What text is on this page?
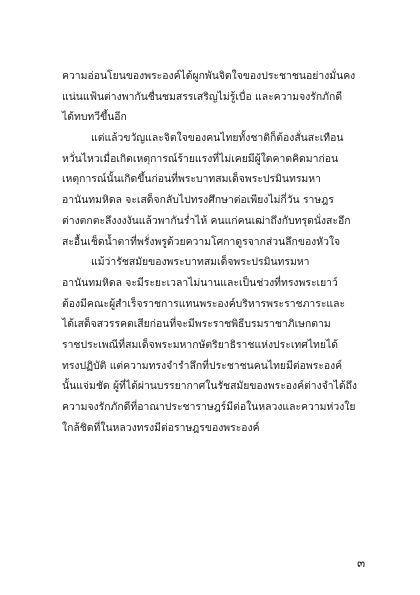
ความอ่อนโยนของพระองค์ได้ผูกพันจิตใจของประชาชนอย่างมั่นคง
แน่นแฟ้นต่างพากันชื่นชมสรรเสริญไม่รู้เบื่อ และความจงรักภักดี
ได้ทบทวีขึ้นอีก
แต่แล้วขวัญและจิตใจของคนไทยทั้งชาติก็ต้องสั่นสะเทือน
หวั่นไหวเมื่อเกิดเหตุการณ์ร้ายแรงที่ไม่เคยมีผู้ใดคาดคิดมาก่อน
เหตุการณ์นั้นเกิดขึ้นก่อนที่พระบาทสมเด็จพระปรมินทรมหา
อานันทมหิดล จะเสด็จกลับไปทรงศึกษาต่อเพียงไม่กี่วัน ราษฎร
ต่างตกตะลึงงงงันแล้วพากันร่ำไห้ คนแก่คนเฒ่าถึงกับทรุดนั่งสะอึก
สะอื้นเช็ดน้ำตาที่พรั่งพรูด้วยความโศกาดูรจากส่วนลึกของหัวใจ
แม้ว่ารัชสมัยของพระบาทสมเด็จพระปรมินทรมหา
อานันทมหิดล จะมีระยะเวลาไม่นานและเป็นช่วงที่ทรงพระเยาว์
ต้องมีคณะผู้สำเร็จราชการแทนพระองค์บริหารพระราชภาระและ
ได้เสด็จสวรรคตเสียก่อนที่จะมีพระราชพิธีบรมราชาภิเษกตาม
ราชประเพณีที่สมเด็จพระมหากษัตริยาธิราชแห่งประเทศไทยได้
ทรงปฏิบัติ แต่ความทรงจำรำลึกที่ประชาชนคนไทยมีต่อพระองค์
นั้นแจ่มชัด ผู้ที่ได้ผ่านบรรยากาศในรัชสมัยของพระองค์ต่างจำได้ถึง
ความจงรักภักดีที่อาณาประชาราษฎร์มีต่อในหลวงและความห่วงใย
ใกล้ชิดที่ในหลวงทรงมีต่อราษฎรของพระองค์
๓
